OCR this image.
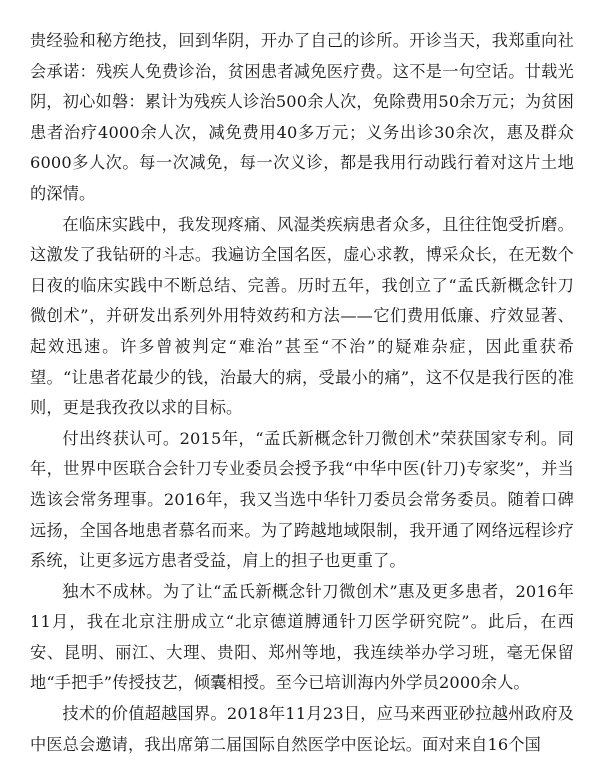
贵经验和秘方绝技，回到华阴，开办了自己的诊所。开诊当天，我郑重向社会承诺：残疾人免费诊治，贫困患者减免医疗费。这不是一句空话。廿载光阴，初心如磐：累计为残疾人诊治500余人次，免除费用50余万元；为贫困患者治疗4000余人次，减免费用40多万元；义务出诊30余次，惠及群众6000多人次。每一次减免，每一次义诊，都是我用行动践行着对这片土地的深情。

在临床实践中，我发现疼痛、风湿类疾病患者众多，且往往饱受折磨。这激发了我钻研的斗志。我遍访全国名医，虚心求教，博采众长，在无数个日夜的临床实践中不断总结、完善。历时五年，我创立了“孟氏新概念针刀微创术”，并研发出系列外用特效药和方法——它们费用低廉、疗效显著、起效迅速。许多曾被判定“难治”甚至“不治”的疑难杂症，因此重获希望。“让患者花最少的钱，治最大的病，受最小的痛”，这不仅是我行医的准则，更是我孜孜以求的目标。

付出终获认可。2015年，“孟氏新概念针刀微创术”荣获国家专利。同年，世界中医联合会针刀专业委员会授予我“中华中医(针刀)专家奖”，并当选该会常务理事。2016年，我又当选中华针刀委员会常务委员。随着口碑远扬，全国各地患者慕名而来。为了跨越地域限制，我开通了网络远程诊疗系统，让更多远方患者受益，肩上的担子也更重了。

独木不成林。为了让“孟氏新概念针刀微创术”惠及更多患者，2016年11月，我在北京注册成立“北京德道膊通针刀医学研究院”。此后，在西安、昆明、丽江、大理、贵阳、郑州等地，我连续举办学习班，毫无保留地“手把手”传授技艺，倾囊相授。至今已培训海内外学员2000余人。

技术的价值超越国界。2018年11月23日，应马来西亚砂拉越州政府及中医总会邀请，我出席第二届国际自然医学中医论坛。面对来自16个国
